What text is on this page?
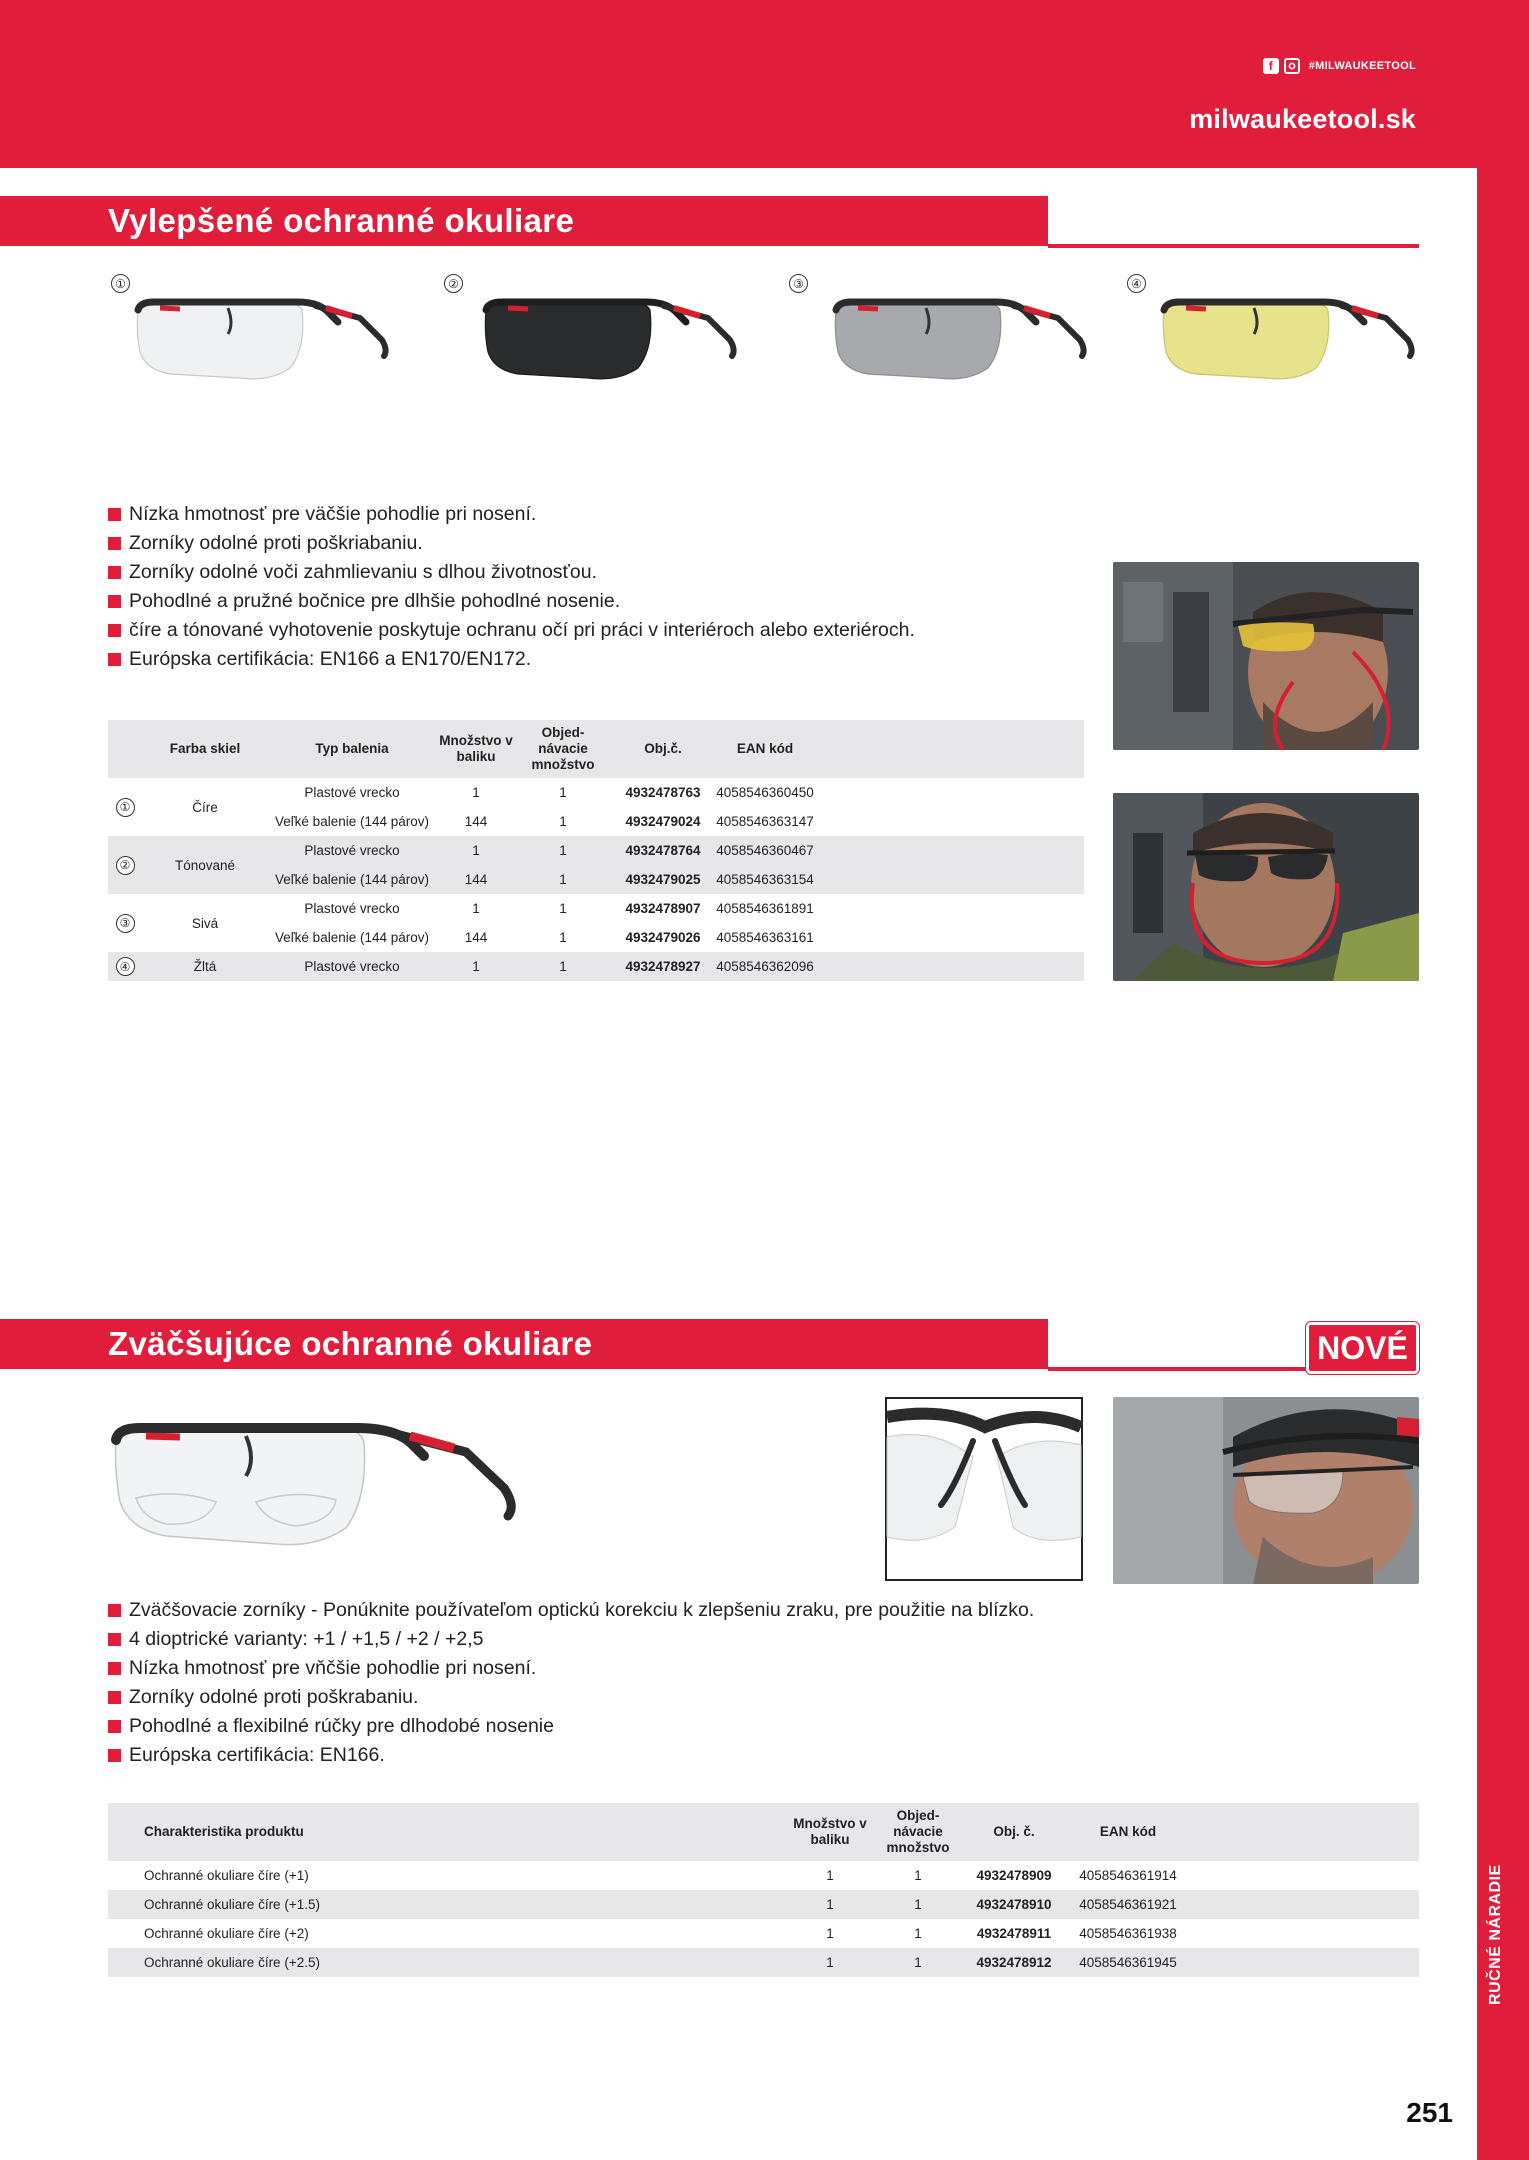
f	#MILWAUKEETOOL
milwaukeetool.sk
Vylepšené ochranné okuliare
①	②	③	④
Nízka hmotnosť pre väčšie pohodlie pri nosení.
Zorníky odolné proti poškriabaniu.
Zorníky odolné voči zahmlievaniu s dlhou životnosťou.
Pohodlné a pružné bočnice pre dlhšie pohodlné nosenie.
číre a tónované vyhotovenie poskytuje ochranu očí pri práci v interiéroch alebo exteriéroch.
Európska certifikácia: EN166 a EN170/EN172.
	Farba skiel	Typ balenia	Množstvo v baliku	Objed-návacie množstvo	Obj.č.	EAN kód	

①	Číre	Plastové vrecko	1	1	4932478763	4058546360450	
		Veľké balenie (144 párov)	144	1	4932479024	4058546363147	

②	Tónované	Plastové vrecko	1	1	4932478764	4058546360467	
		Veľké balenie (144 párov)	144	1	4932479025	4058546363154	

③	Sivá	Plastové vrecko	1	1	4932478907	4058546361891	
		Veľké balenie (144 párov)	144	1	4932479026	4058546363161	

④	Žltá	Plastové vrecko	1	1	4932478927	4058546362096	
Zväčšujúce ochranné okuliare	NOVÉ
Zväčšovacie zorníky - Ponúknite používateľom optickú korekciu k zlepšeniu zraku, pre použitie na blízko.
4 dioptrické varianty: +1 / +1,5 / +2 / +2,5
Nízka hmotnosť pre vňčšie pohodlie pri nosení.
Zorníky odolné proti poškrabaniu.
Pohodlné a flexibilné rúčky pre dlhodobé nosenie
Európska certifikácia: EN166.
	Charakteristika produktu	Množstvo v baliku	Objed-návacie množstvo	Obj. č.	EAN kód	
	Ochranné okuliare číre (+1)	1	1	4932478909	4058546361914	
	Ochranné okuliare číre (+1.5)	1	1	4932478910	4058546361921	
	Ochranné okuliare číre (+2)	1	1	4932478911	4058546361938	
	Ochranné okuliare číre (+2.5)	1	1	4932478912	4058546361945		RUČNÉ NÁRADIE
251
